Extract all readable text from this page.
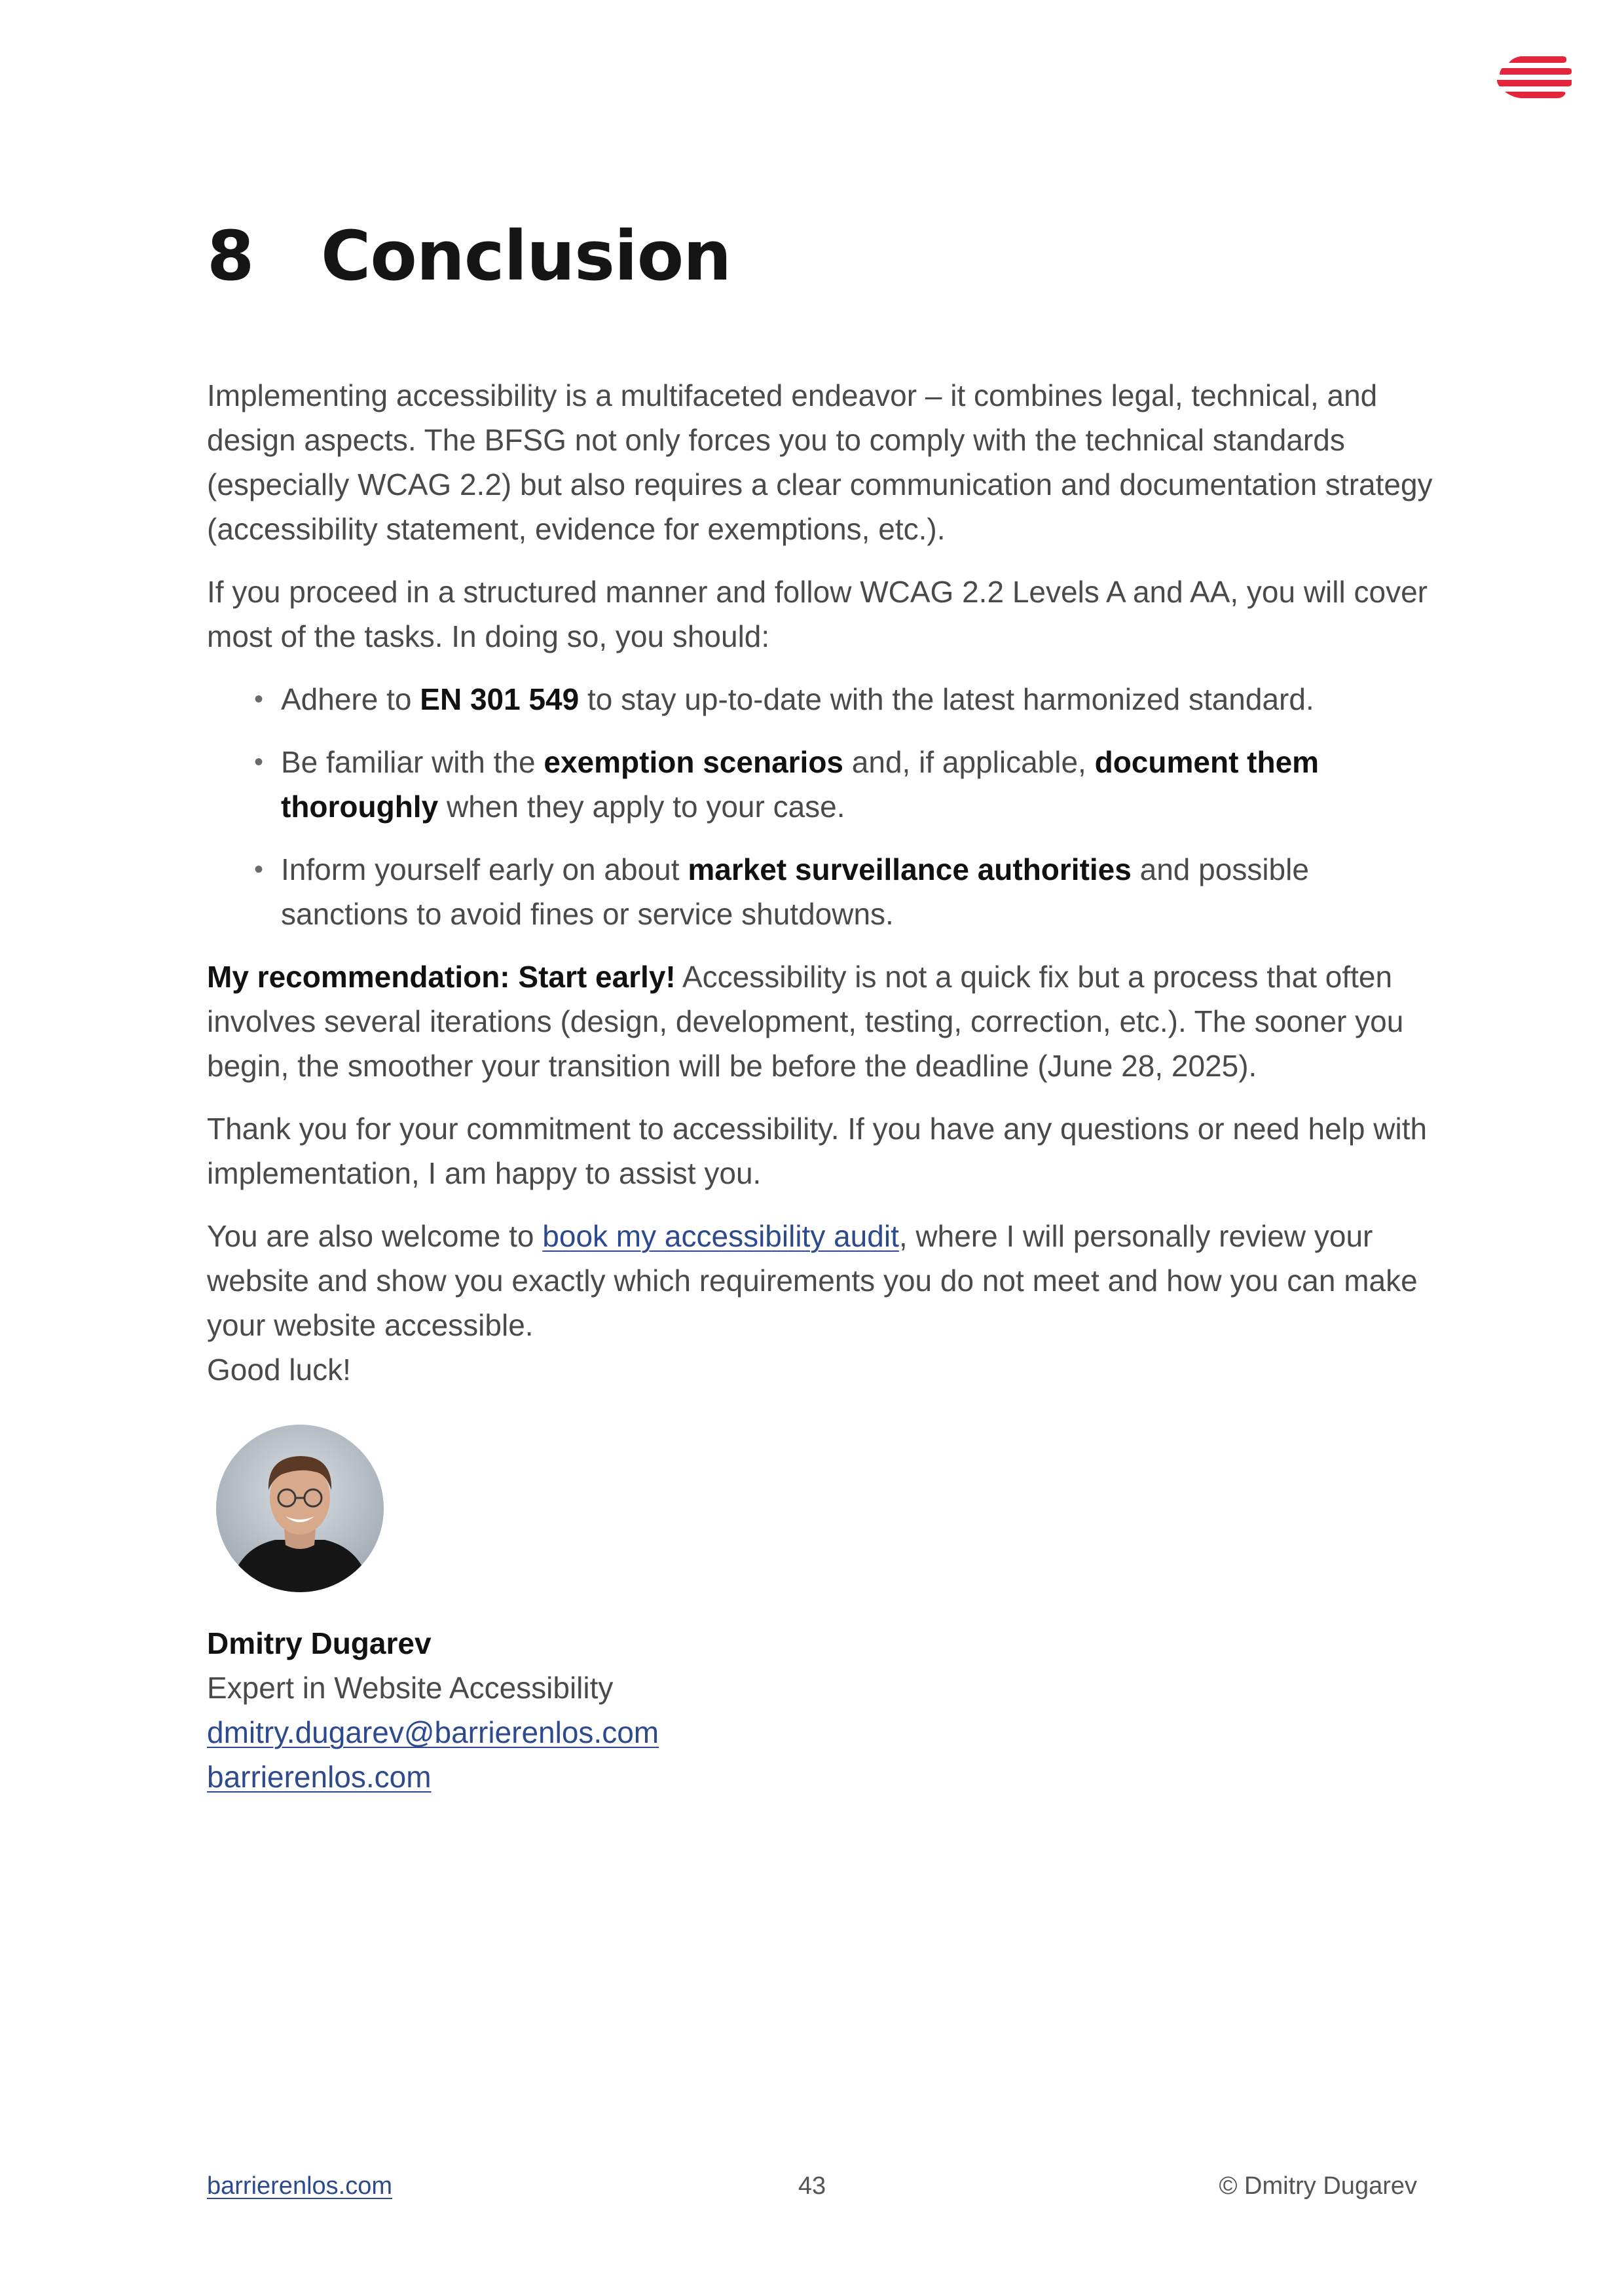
8 Conclusion

Implementing accessibility is a multifaceted endeavor – it combines legal, technical, and design aspects. The BFSG not only forces you to comply with the technical standards (especially WCAG 2.2) but also requires a clear communication and documentation strategy (accessibility statement, evidence for exemptions, etc.).

If you proceed in a structured manner and follow WCAG 2.2 Levels A and AA, you will cover most of the tasks. In doing so, you should:

• Adhere to EN 301 549 to stay up-to-date with the latest harmonized standard.
• Be familiar with the exemption scenarios and, if applicable, document them thoroughly when they apply to your case.
• Inform yourself early on about market surveillance authorities and possible sanctions to avoid fines or service shutdowns.

My recommendation: Start early! Accessibility is not a quick fix but a process that often involves several iterations (design, development, testing, correction, etc.). The sooner you begin, the smoother your transition will be before the deadline (June 28, 2025).

Thank you for your commitment to accessibility. If you have any questions or need help with implementation, I am happy to assist you.

You are also welcome to book my accessibility audit, where I will personally review your website and show you exactly which requirements you do not meet and how you can make your website accessible.

Good luck!

Dmitry Dugarev

Expert in Website Accessibility

dmitry.dugarev@barrierenlos.com

barrierenlos.com

barrierenlos.com	43	© Dmitry Dugarev
